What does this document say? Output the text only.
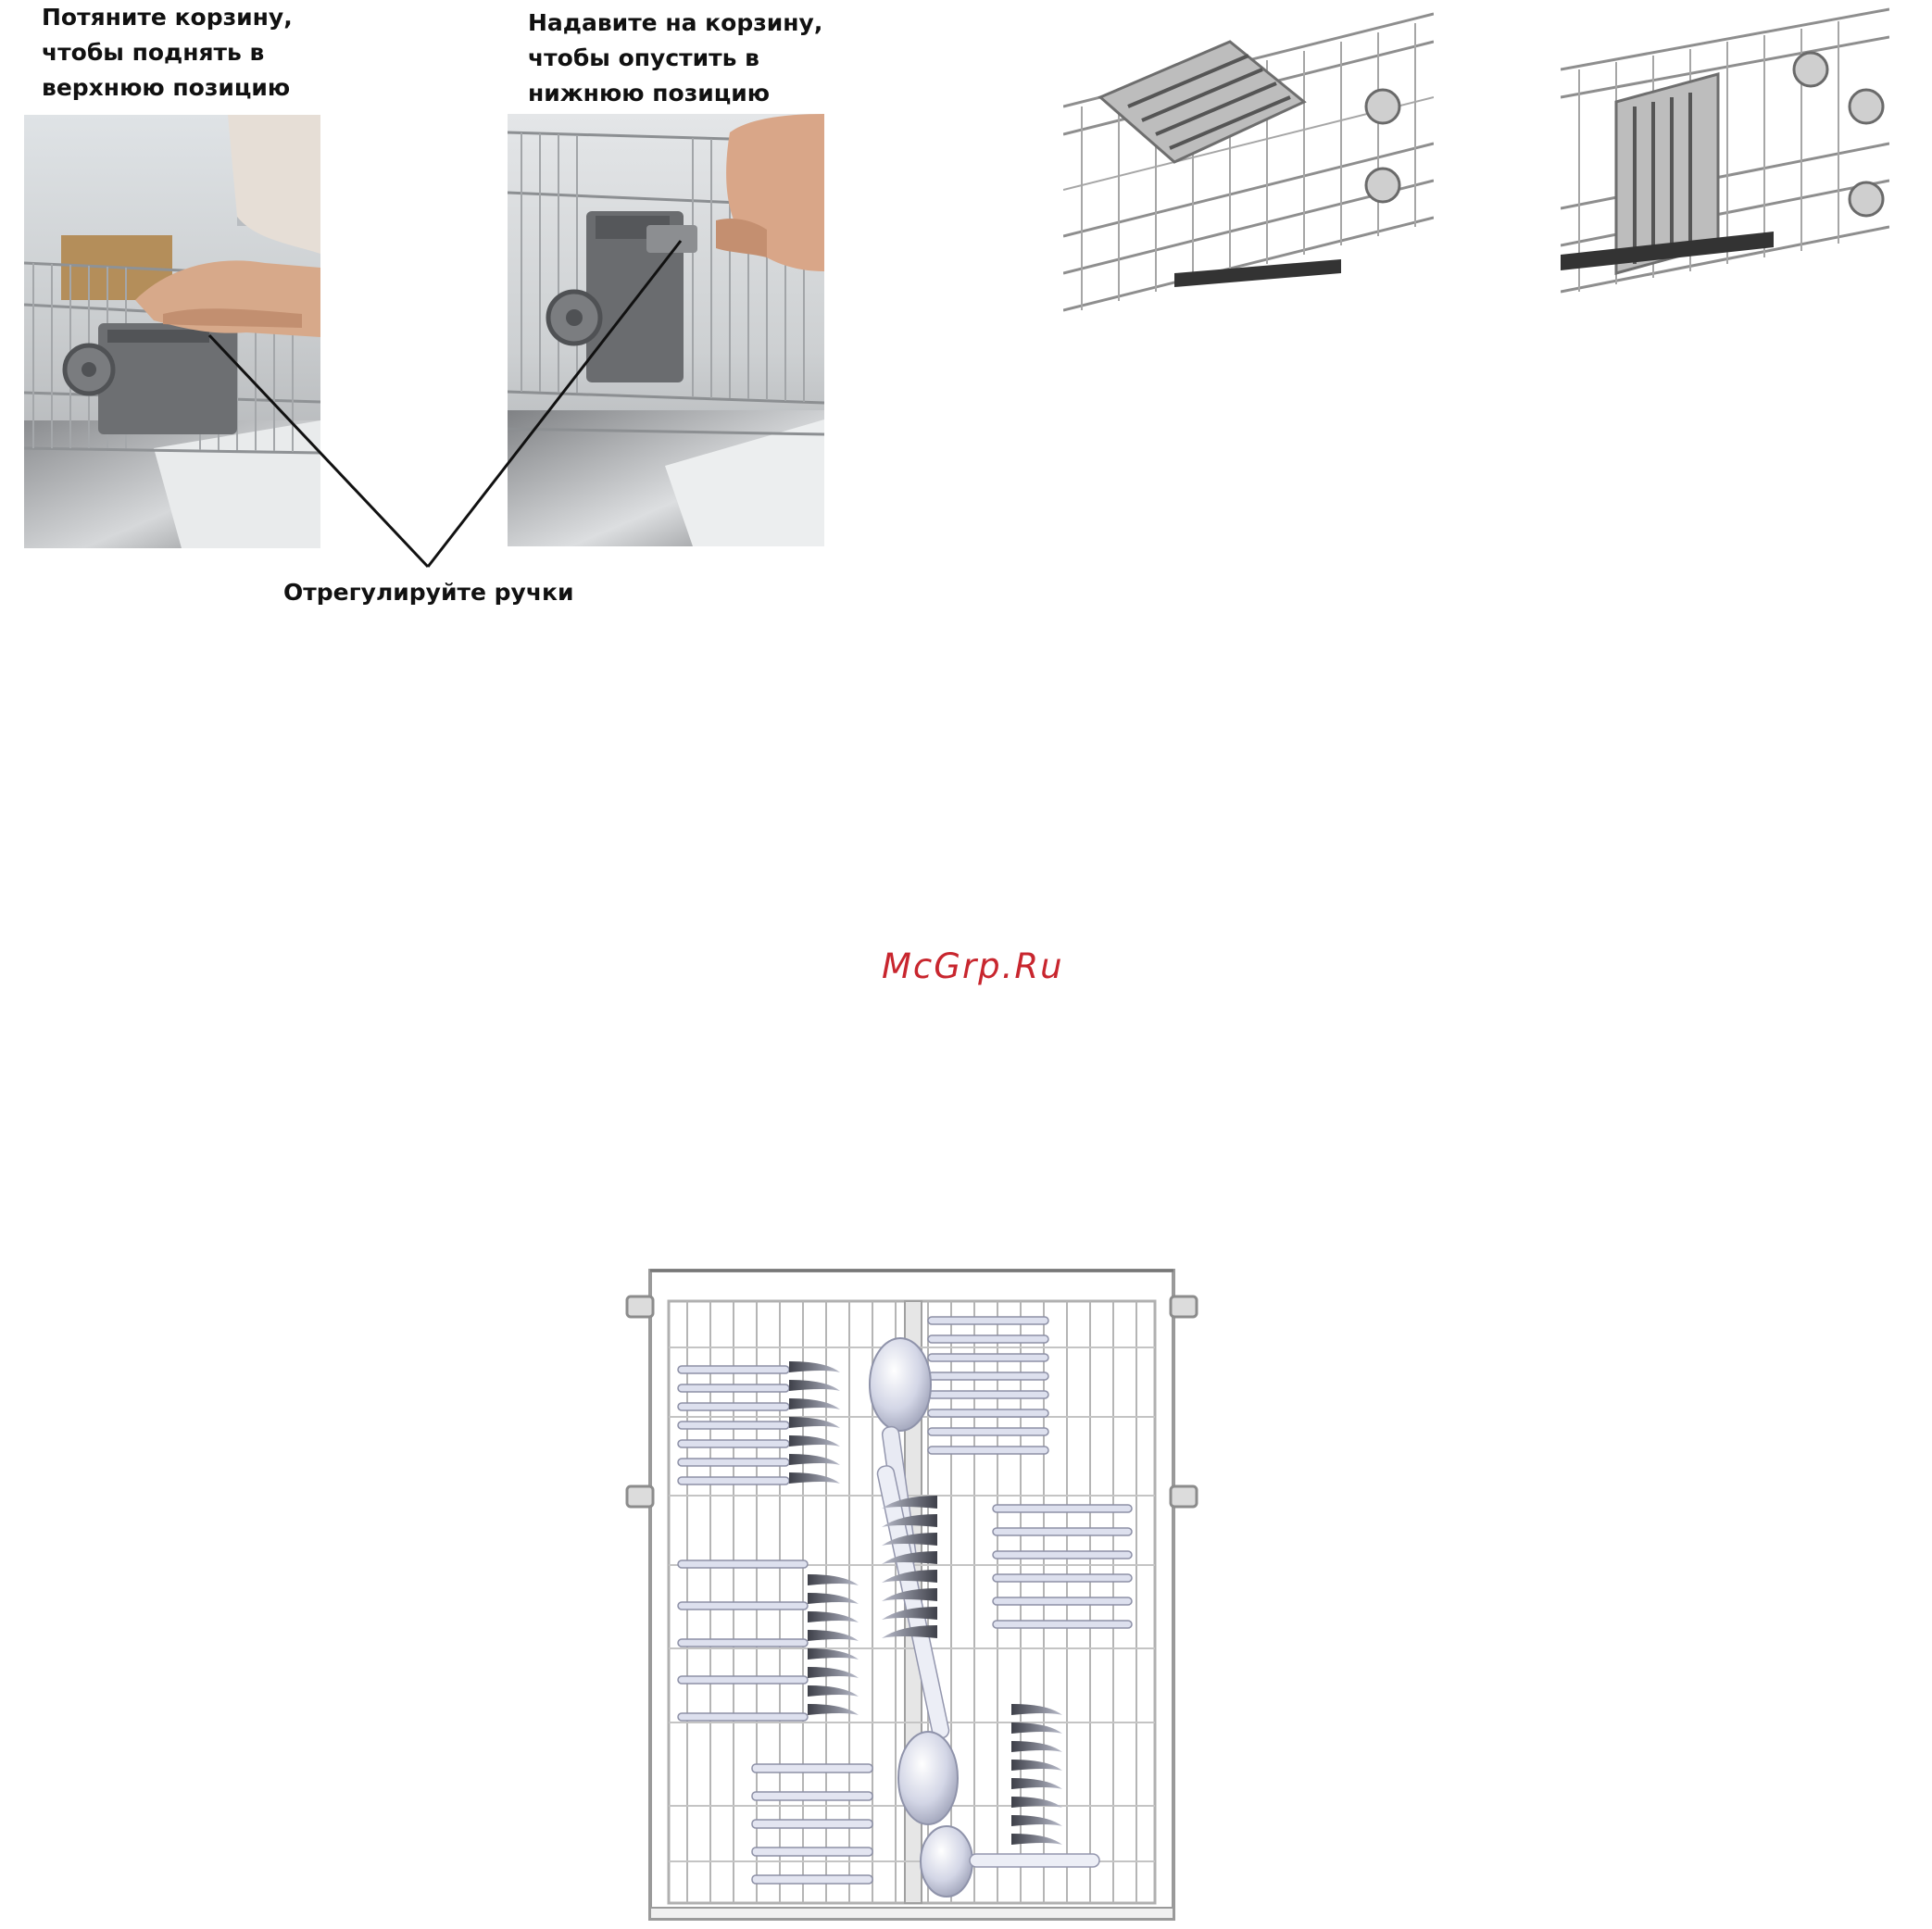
Потяните корзину,
чтобы поднять в
верхнюю позицию
Надавите на корзину,
чтобы опустить в
нижнюю позицию
Отрегулируйте ручки
McGrp.Ru
